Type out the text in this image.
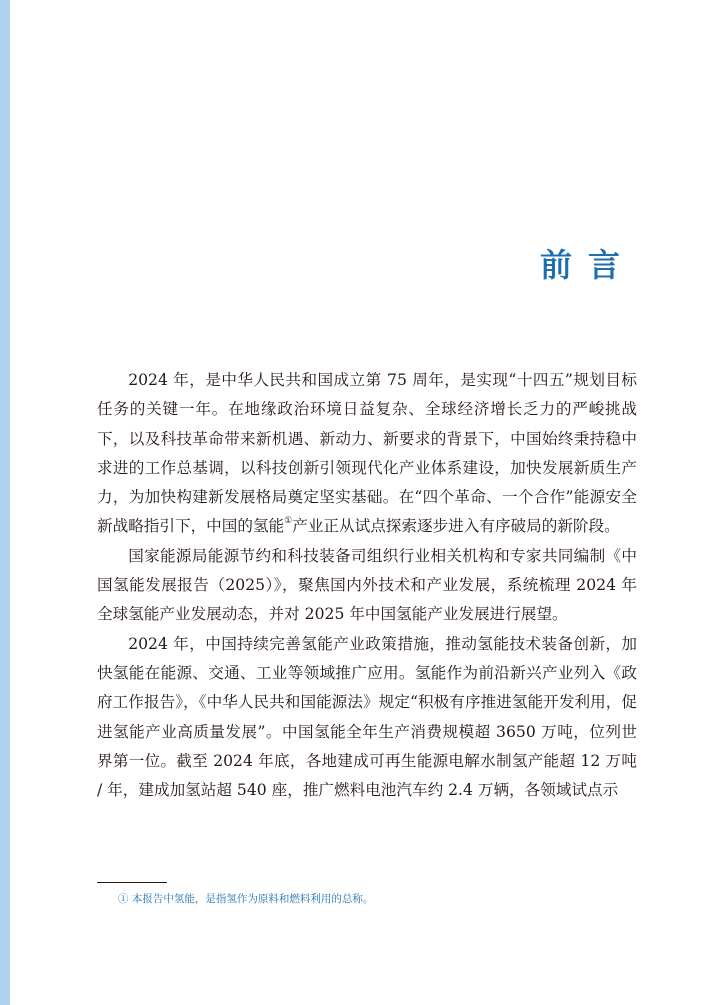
前言

2024 年，是中华人民共和国成立第 75 周年，是实现“十四五”规划目标任务的关键一年。在地缘政治环境日益复杂、全球经济增长乏力的严峻挑战下，以及科技革命带来新机遇、新动力、新要求的背景下，中国始终秉持稳中求进的工作总基调，以科技创新引领现代化产业体系建设，加快发展新质生产力，为加快构建新发展格局奠定坚实基础。在“四个革命、一个合作”能源安全新战略指引下，中国的氢能①产业正从试点探索逐步进入有序破局的新阶段。

国家能源局能源节约和科技装备司组织行业相关机构和专家共同编制《中国氢能发展报告（2025）》，聚焦国内外技术和产业发展，系统梳理 2024 年全球氢能产业发展动态，并对 2025 年中国氢能产业发展进行展望。

2024 年，中国持续完善氢能产业政策措施，推动氢能技术装备创新，加快氢能在能源、交通、工业等领域推广应用。氢能作为前沿新兴产业列入《政府工作报告》，《中华人民共和国能源法》规定“积极有序推进氢能开发利用，促进氢能产业高质量发展”。中国氢能全年生产消费规模超 3650 万吨，位列世界第一位。截至 2024 年底，各地建成可再生能源电解水制氢产能超 12 万吨 / 年，建成加氢站超 540 座，推广燃料电池汽车约 2.4 万辆，各领域试点示

① 本报告中氢能，是指氢作为原料和燃料利用的总称。
